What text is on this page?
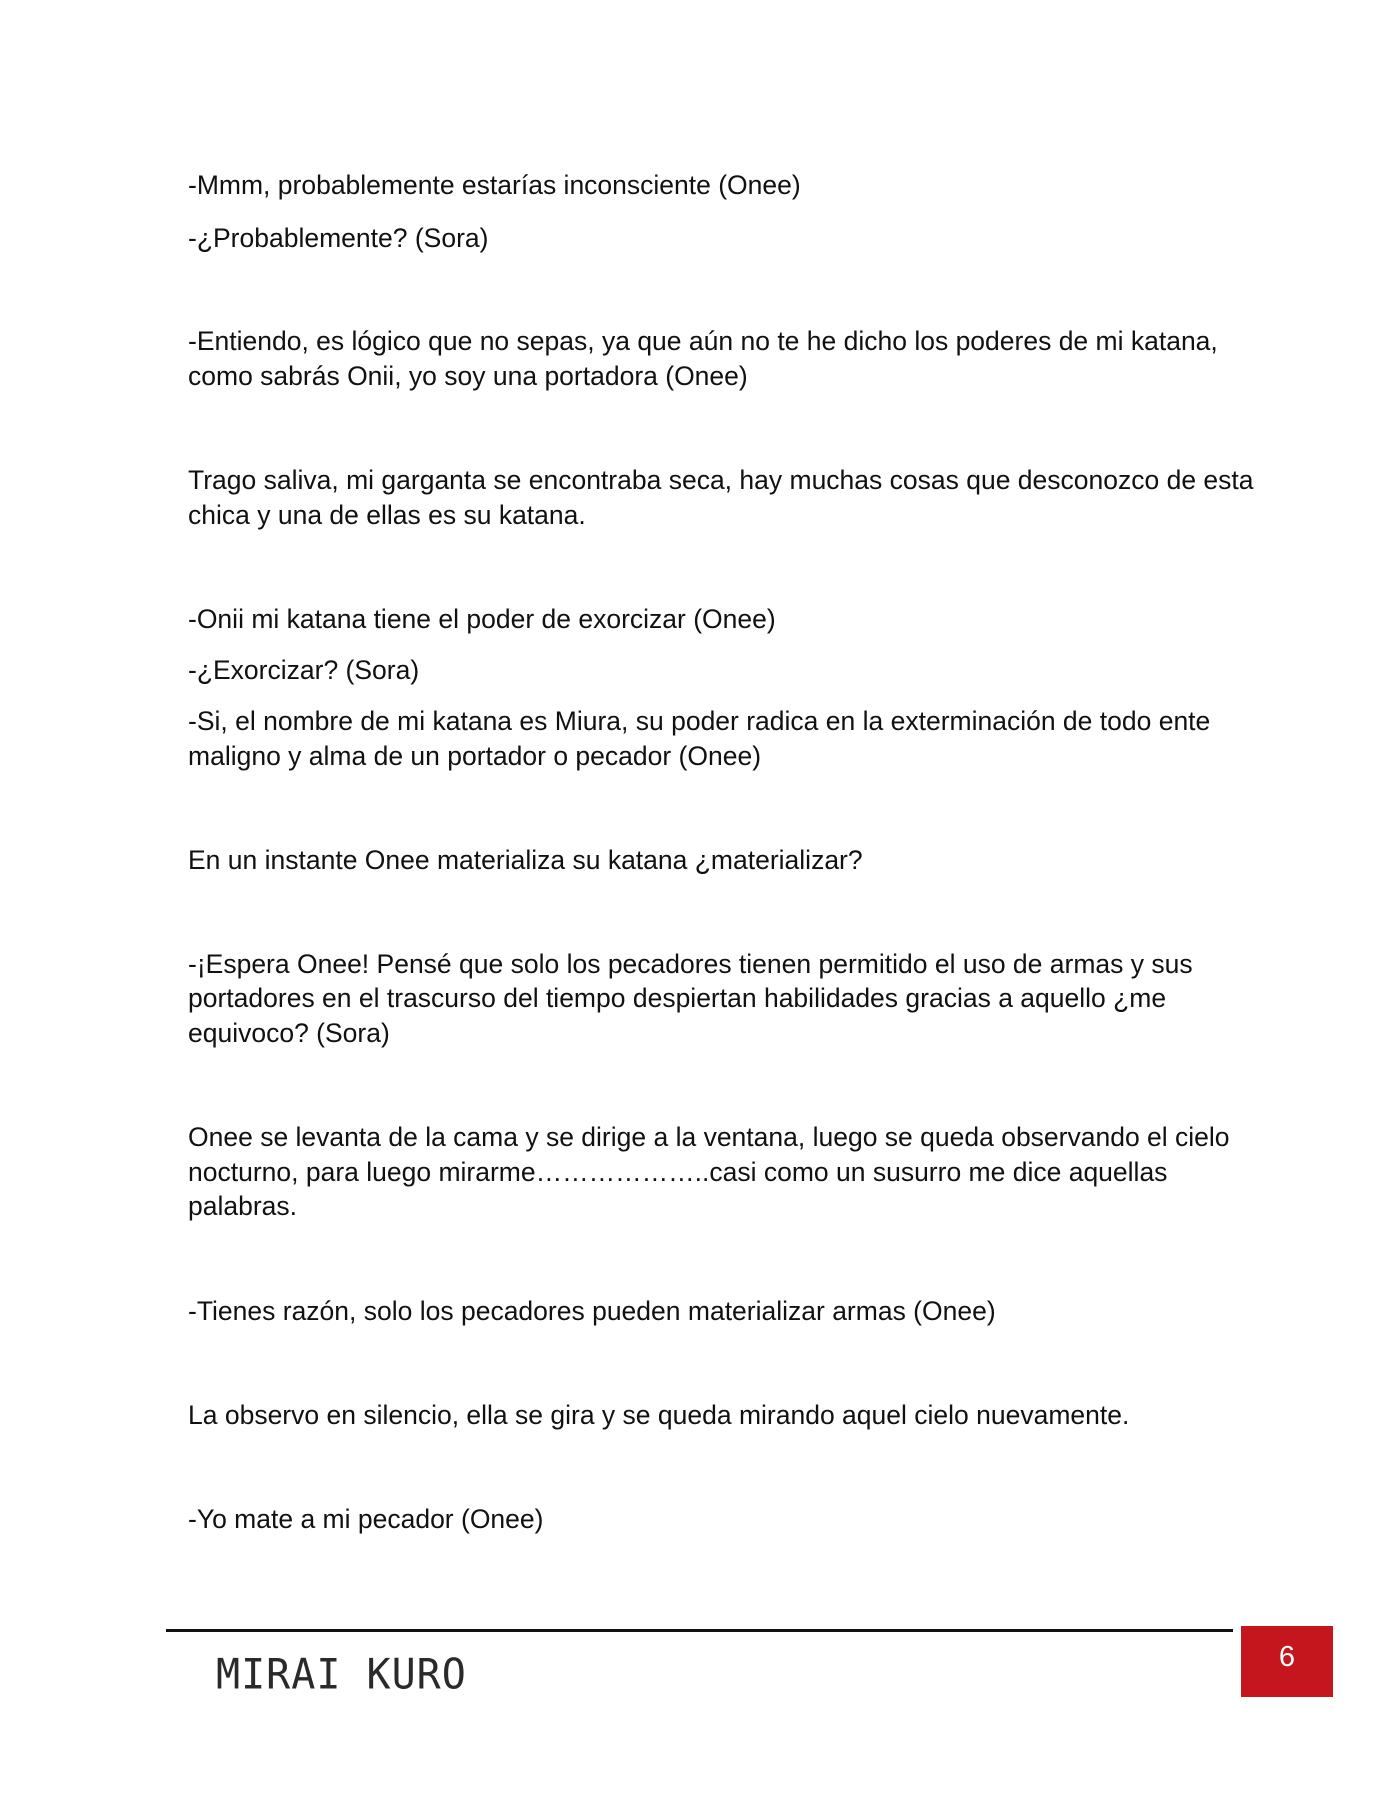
-Mmm, probablemente estarías inconsciente (Onee)

-¿Probablemente? (Sora)

-Entiendo, es lógico que no sepas, ya que aún no te he dicho los poderes de mi katana, como sabrás Onii, yo soy una portadora (Onee)

Trago saliva, mi garganta se encontraba seca, hay muchas cosas que desconozco de esta chica y una de ellas es su katana.

-Onii mi katana tiene el poder de exorcizar (Onee)

-¿Exorcizar? (Sora)

-Si, el nombre de mi katana es Miura, su poder radica en la exterminación de todo ente maligno y alma de un portador o pecador (Onee)

En un instante Onee materializa su katana ¿materializar?

-¡Espera Onee! Pensé que solo los pecadores tienen permitido el uso de armas y sus portadores en el trascurso del tiempo despiertan habilidades gracias a aquello ¿me equivoco? (Sora)

Onee se levanta de la cama y se dirige a la ventana, luego se queda observando el cielo nocturno, para luego mirarme………………..casi como un susurro me dice aquellas palabras.

-Tienes razón, solo los pecadores pueden materializar armas (Onee)

La observo en silencio, ella se gira y se queda mirando aquel cielo nuevamente.

-Yo mate a mi pecador (Onee)

MIRAI KURO	6
